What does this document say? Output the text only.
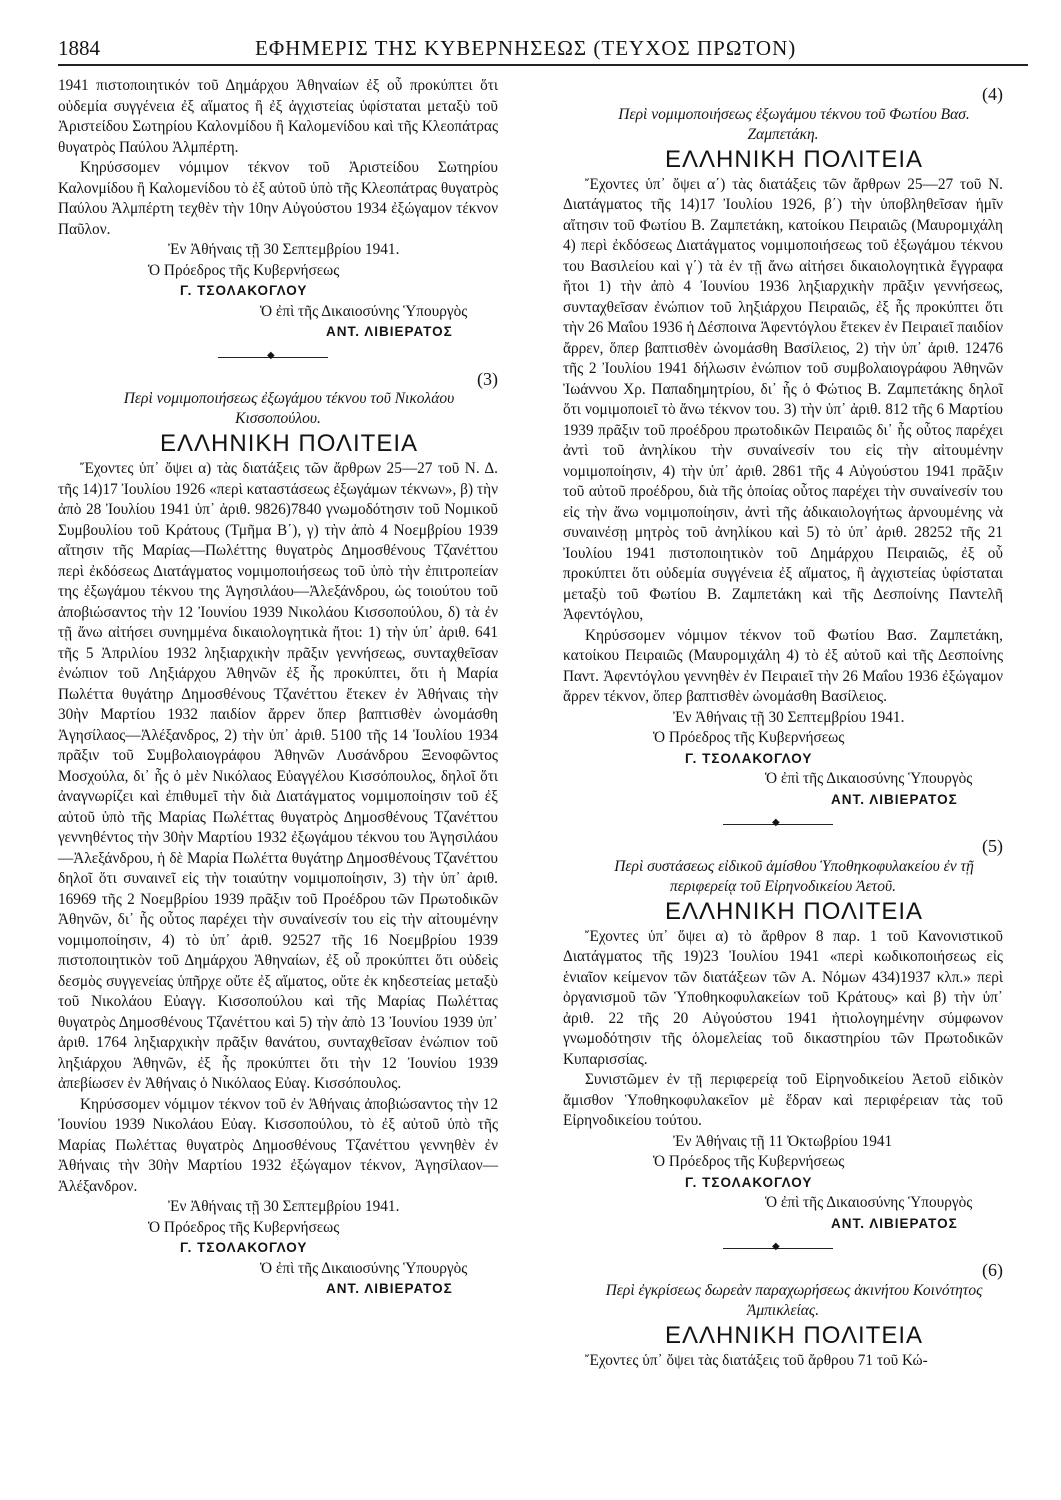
1884	ΕΦΗΜΕΡΙΣ ΤΗΣ ΚΥΒΕΡΝΗΣΕΩΣ (ΤΕΥΧΟΣ ΠΡΩΤΟΝ)

1941 πιστοποιητικόν τοῦ Δημάρχου Ἀθηναίων ἐξ οὗ προκύπτει ὅτι οὐδεμία συγγένεια ἐξ αἵματος ἢ ἐξ ἀγχιστείας ὑφίσταται μεταξὺ τοῦ Ἀριστείδου Σωτηρίου Καλονμίδου ἢ Καλομενίδου καὶ τῆς Κλεοπάτρας θυγατρὸς Παύλου Ἀλμπέρτη.

Κηρύσσομεν νόμιμον τέκνον τοῦ Ἀριστείδου Σωτηρίου Καλονμίδου ἢ Καλομενίδου τὸ ἐξ αὐτοῦ ὑπὸ τῆς Κλεοπάτρας θυγατρὸς Παύλου Ἀλμπέρτη τεχθὲν τὴν 10ην Αὐγούστου 1934 ἐξώγαμον τέκνον Παῦλον.

Ἐν Ἀθήναις τῇ 30 Σεπτεμβρίου 1941.

Ὁ Πρόεδρος τῆς Κυβερνήσεως

Γ. ΤΣΟΛΑΚΟΓΛΟΥ

Ὁ ἐπὶ τῆς Δικαιοσύνης Ὑπουργὸς

ΑΝΤ. ΛΙΒΙΕΡΑΤΟΣ

◆

(3)

Περὶ νομιμοποιήσεως ἐξωγάμου τέκνου τοῦ Νικολάου Κισσοπούλου.

ΕΛΛΗΝΙΚΗ ΠΟΛΙΤΕΙΑ

Ἔχοντες ὑπ᾿ ὄψει α) τὰς διατάξεις τῶν ἄρθρων 25—27 τοῦ Ν. Δ. τῆς 14)17 Ἰουλίου 1926 «περὶ καταστάσεως ἐξωγάμων τέκνων», β) τὴν ἀπὸ 28 Ἰουλίου 1941 ὑπ᾿ ἀριθ. 9826)7840 γνωμοδότησιν τοῦ Νομικοῦ Συμβουλίου τοῦ Κράτους (Τμῆμα Β΄), γ) τὴν ἀπὸ 4 Νοεμβρίου 1939 αἴτησιν τῆς Μαρίας—Πωλέττης θυγατρὸς Δημοσθένους Τζανέττου περὶ ἐκδόσεως Διατάγματος νομιμοποιήσεως τοῦ ὑπὸ τὴν ἐπιτροπείαν της ἐξωγάμου τέκνου της Ἀγησιλάου—Ἀλεξάνδρου, ὡς τοιούτου τοῦ ἀποβιώσαντος τὴν 12 Ἰουνίου 1939 Νικολάου Κισσοπούλου, δ) τὰ ἐν τῇ ἄνω αἰτήσει συνημμένα δικαιολογητικὰ ἤτοι: 1) τὴν ὑπ᾿ ἀριθ. 641 τῆς 5 Ἀπριλίου 1932 ληξιαρχικὴν πρᾶξιν γεννήσεως, συνταχθεῖσαν ἐνώπιον τοῦ Ληξιάρχου Ἀθηνῶν ἐξ ἧς προκύπτει, ὅτι ἡ Μαρία Πωλέττα θυγάτηρ Δημοσθένους Τζανέττου ἔτεκεν ἐν Ἀθήναις τὴν 30ὴν Μαρτίου 1932 παιδίον ἄρρεν ὅπερ βαπτισθὲν ὠνομάσθη Ἀγησίλαος—Ἀλέξανδρος, 2) τὴν ὑπ᾿ ἀριθ. 5100 τῆς 14 Ἰουλίου 1934 πρᾶξιν τοῦ Συμβολαιογράφου Ἀθηνῶν Λυσάνδρου Ξενοφῶντος Μοσχούλα, δι᾿ ἧς ὁ μὲν Νικόλαος Εὐαγγέλου Κισσόπουλος, δηλοῖ ὅτι ἀναγνωρίζει καὶ ἐπιθυμεῖ τὴν διὰ Διατάγματος νομιμοποίησιν τοῦ ἐξ αὐτοῦ ὑπὸ τῆς Μαρίας Πωλέττας θυγατρὸς Δημοσθένους Τζανέττου γεννηθέντος τὴν 30ὴν Μαρτίου 1932 ἐξωγάμου τέκνου του Ἀγησιλάου—Ἀλεξάνδρου, ἡ δὲ Μαρία Πωλέττα θυγάτηρ Δημοσθένους Τζανέττου δηλοῖ ὅτι συναινεῖ εἰς τὴν τοιαύτην νομιμοποίησιν, 3) τὴν ὑπ᾿ ἀριθ. 16969 τῆς 2 Νοεμβρίου 1939 πρᾶξιν τοῦ Προέδρου τῶν Πρωτοδικῶν Ἀθηνῶν, δι᾿ ἧς οὗτος παρέχει τὴν συναίνεσίν του εἰς τὴν αἰτουμένην νομιμοποίησιν, 4) τὸ ὑπ᾿ ἀριθ. 92527 τῆς 16 Νοεμβρίου 1939 πιστοποιητικὸν τοῦ Δημάρχου Ἀθηναίων, ἐξ οὗ προκύπτει ὅτι οὐδεὶς δεσμὸς συγγενείας ὑπῆρχε οὔτε ἐξ αἵματος, οὔτε ἐκ κηδεστείας μεταξὺ τοῦ Νικολάου Εὐαγγ. Κισσοπούλου καὶ τῆς Μαρίας Πωλέττας θυγατρὸς Δημοσθένους Τζανέττου καὶ 5) τὴν ἀπὸ 13 Ἰουνίου 1939 ὑπ᾿ ἀριθ. 1764 ληξιαρχικὴν πρᾶξιν θανάτου, συνταχθεῖσαν ἐνώπιον τοῦ ληξιάρχου Ἀθηνῶν, ἐξ ἧς προκύπτει ὅτι τὴν 12 Ἰουνίου 1939 ἀπεβίωσεν ἐν Ἀθήναις ὁ Νικόλαος Εὐαγ. Κισσόπουλος.

Κηρύσσομεν νόμιμον τέκνον τοῦ ἐν Ἀθήναις ἀποβιώσαντος τὴν 12 Ἰουνίου 1939 Νικολάου Εὐαγ. Κισσοπούλου, τὸ ἐξ αὐτοῦ ὑπὸ τῆς Μαρίας Πωλέττας θυγατρὸς Δημοσθένους Τζανέττου γεννηθὲν ἐν Ἀθήναις τὴν 30ὴν Μαρτίου 1932 ἐξώγαμον τέκνον, Ἀγησίλαον—Ἀλέξανδρον.

Ἐν Ἀθήναις τῇ 30 Σεπτεμβρίου 1941.

Ὁ Πρόεδρος τῆς Κυβερνήσεως

Γ. ΤΣΟΛΑΚΟΓΛΟΥ

Ὁ ἐπὶ τῆς Δικαιοσύνης Ὑπουργὸς

ΑΝΤ. ΛΙΒΙΕΡΑΤΟΣ

(4)

Περὶ νομιμοποιήσεως ἐξωγάμου τέκνου τοῦ Φωτίου Βασ. Ζαμπετάκη.

ΕΛΛΗΝΙΚΗ ΠΟΛΙΤΕΙΑ

Ἔχοντες ὑπ᾿ ὄψει α΄) τὰς διατάξεις τῶν ἄρθρων 25—27 τοῦ Ν. Διατάγματος τῆς 14)17 Ἰουλίου 1926, β΄) τὴν ὑποβληθεῖσαν ἡμῖν αἴτησιν τοῦ Φωτίου Β. Ζαμπετάκη, κατοίκου Πειραιῶς (Μαυρομιχάλη 4) περὶ ἐκδόσεως Διατάγματος νομιμοποιήσεως τοῦ ἐξωγάμου τέκνου του Βασιλείου καὶ γ΄) τὰ ἐν τῇ ἄνω αἰτήσει δικαιολογητικὰ ἔγγραφα ἤτοι 1) τὴν ἀπὸ 4 Ἰουνίου 1936 ληξιαρχικὴν πρᾶξιν γεννήσεως, συνταχθεῖσαν ἐνώπιον τοῦ ληξιάρχου Πειραιῶς, ἐξ ἧς προκύπτει ὅτι τὴν 26 Μαΐου 1936 ἡ Δέσποινα Ἀφεντόγλου ἔτεκεν ἐν Πειραιεῖ παιδίον ἄρρεν, ὅπερ βαπτισθὲν ὠνομάσθη Βασίλειος, 2) τὴν ὑπ᾿ ἀριθ. 12476 τῆς 2 Ἰουλίου 1941 δήλωσιν ἐνώπιον τοῦ συμβολαιογράφου Ἀθηνῶν Ἰωάννου Χρ. Παπαδημητρίου, δι᾿ ἧς ὁ Φώτιος Β. Ζαμπετάκης δηλοῖ ὅτι νομιμοποιεῖ τὸ ἄνω τέκνον του. 3) τὴν ὑπ᾿ ἀριθ. 812 τῆς 6 Μαρτίου 1939 πρᾶξιν τοῦ προέδρου πρωτοδικῶν Πειραιῶς δι᾿ ἧς οὗτος παρέχει ἀντὶ τοῦ ἀνηλίκου τὴν συναίνεσίν του εἰς τὴν αἰτουμένην νομιμοποίησιν, 4) τὴν ὑπ᾿ ἀριθ. 2861 τῆς 4 Αὐγούστου 1941 πρᾶξιν τοῦ αὐτοῦ προέδρου, διὰ τῆς ὁποίας οὗτος παρέχει τὴν συναίνεσίν του εἰς τὴν ἄνω νομιμοποίησιν, ἀντὶ τῆς ἀδικαιολογήτως ἀρνουμένης νὰ συναινέσῃ μητρὸς τοῦ ἀνηλίκου καὶ 5) τὸ ὑπ᾿ ἀριθ. 28252 τῆς 21 Ἰουλίου 1941 πιστοποιητικὸν τοῦ Δημάρχου Πειραιῶς, ἐξ οὗ προκύπτει ὅτι οὐδεμία συγγένεια ἐξ αἵματος, ἢ ἀγχιστείας ὑφίσταται μεταξὺ τοῦ Φωτίου Β. Ζαμπετάκη καὶ τῆς Δεσποίνης Παντελῆ Ἀφεντόγλου,

Κηρύσσομεν νόμιμον τέκνον τοῦ Φωτίου Βασ. Ζαμπετάκη, κατοίκου Πειραιῶς (Μαυρομιχάλη 4) τὸ ἐξ αὐτοῦ καὶ τῆς Δεσποίνης Παντ. Ἀφεντόγλου γεννηθὲν ἐν Πειραιεῖ τὴν 26 Μαΐου 1936 ἐξώγαμον ἄρρεν τέκνον, ὅπερ βαπτισθὲν ὠνομάσθη Βασίλειος.

Ἐν Ἀθήναις τῇ 30 Σεπτεμβρίου 1941.

Ὁ Πρόεδρος τῆς Κυβερνήσεως

Γ. ΤΣΟΛΑΚΟΓΛΟΥ

Ὁ ἐπὶ τῆς Δικαιοσύνης Ὑπουργὸς

ΑΝΤ. ΛΙΒΙΕΡΑΤΟΣ

◆

(5)

Περὶ συστάσεως εἰδικοῦ ἀμίσθου Ὑποθηκοφυλακείου ἐν τῇ περιφερείᾳ τοῦ Εἰρηνοδικείου Ἀετοῦ.

ΕΛΛΗΝΙΚΗ ΠΟΛΙΤΕΙΑ

Ἔχοντες ὑπ᾿ ὄψει α) τὸ ἄρθρον 8 παρ. 1 τοῦ Κανονιστικοῦ Διατάγματος τῆς 19)23 Ἰουλίου 1941 «περὶ κωδικοποιήσεως εἰς ἑνιαῖον κείμενον τῶν διατάξεων τῶν Α. Νόμων 434)1937 κλπ.» περὶ ὀργανισμοῦ τῶν Ὑποθηκοφυλακείων τοῦ Κράτους» καὶ β) τὴν ὑπ᾿ ἀριθ. 22 τῆς 20 Αὐγούστου 1941 ἠτιολογημένην σύμφωνον γνωμοδότησιν τῆς ὁλομελείας τοῦ δικαστηρίου τῶν Πρωτοδικῶν Κυπαρισσίας.

Συνιστῶμεν ἐν τῇ περιφερείᾳ τοῦ Εἰρηνοδικείου Ἀετοῦ εἰδικὸν ἄμισθον Ὑποθηκοφυλακεῖον μὲ ἕδραν καὶ περιφέρειαν τὰς τοῦ Εἰρηνοδικείου τούτου.

Ἐν Ἀθήναις τῇ 11 Ὀκτωβρίου 1941

Ὁ Πρόεδρος τῆς Κυβερνήσεως

Γ. ΤΣΟΛΑΚΟΓΛΟΥ

Ὁ ἐπὶ τῆς Δικαιοσύνης Ὑπουργὸς

ΑΝΤ. ΛΙΒΙΕΡΑΤΟΣ

◆

(6)

Περὶ ἐγκρίσεως δωρεὰν παραχωρήσεως ἀκινήτου Κοινότητος Ἀμπικλείας.

ΕΛΛΗΝΙΚΗ ΠΟΛΙΤΕΙΑ

Ἔχοντες ὑπ᾿ ὄψει τὰς διατάξεις τοῦ ἄρθρου 71 τοῦ Κώ-
